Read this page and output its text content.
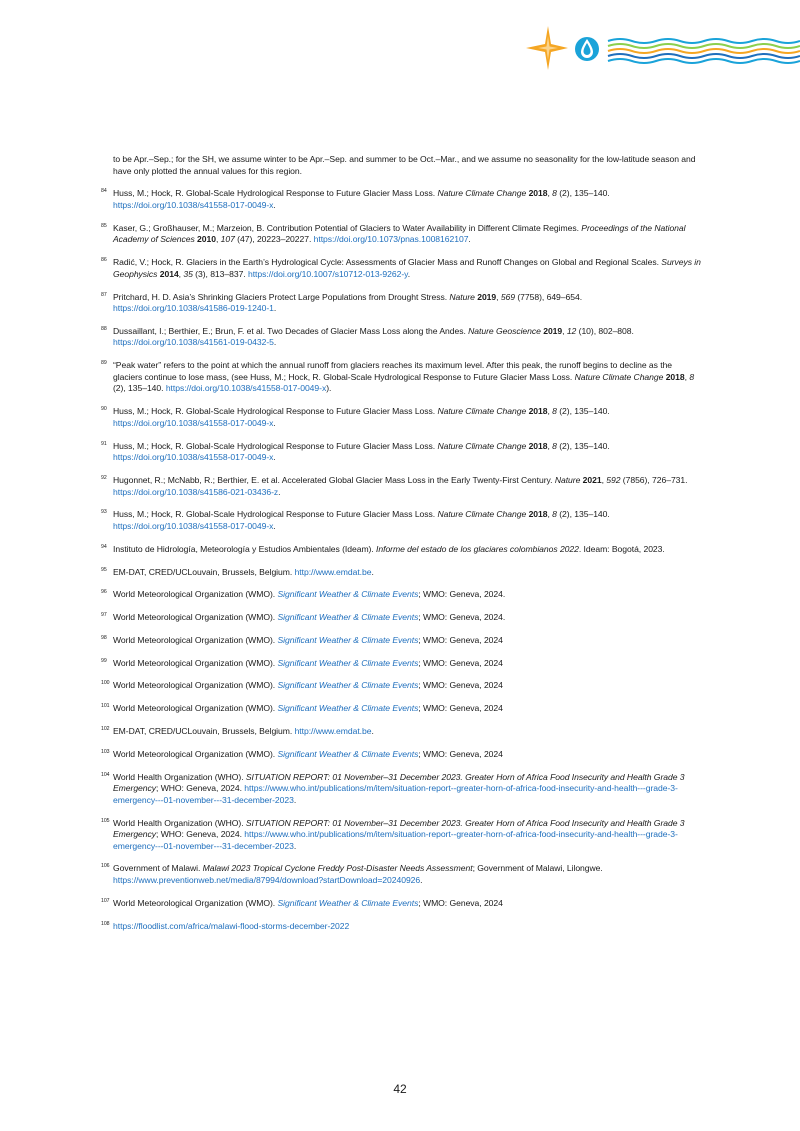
to be Apr.–Sep.; for the SH, we assume winter to be Apr.–Sep. and summer to be Oct.–Mar., and we assume no seasonality for the low-latitude season and have only plotted the annual values for this region.
84 Huss, M.; Hock, R. Global-Scale Hydrological Response to Future Glacier Mass Loss. Nature Climate Change 2018, 8 (2), 135–140. https://doi.org/10.1038/s41558-017-0049-x.
85 Kaser, G.; Großhauser, M.; Marzeion, B. Contribution Potential of Glaciers to Water Availability in Different Climate Regimes. Proceedings of the National Academy of Sciences 2010, 107 (47), 20223–20227. https://doi.org/10.1073/pnas.1008162107.
86 Radić, V.; Hock, R. Glaciers in the Earth’s Hydrological Cycle: Assessments of Glacier Mass and Runoff Changes on Global and Regional Scales. Surveys in Geophysics 2014, 35 (3), 813–837. https://doi.org/10.1007/s10712-013-9262-y.
87 Pritchard, H. D. Asia’s Shrinking Glaciers Protect Large Populations from Drought Stress. Nature 2019, 569 (7758), 649–654. https://doi.org/10.1038/s41586-019-1240-1.
88 Dussaillant, I.; Berthier, E.; Brun, F. et al. Two Decades of Glacier Mass Loss along the Andes. Nature Geoscience 2019, 12 (10), 802–808. https://doi.org/10.1038/s41561-019-0432-5.
89 “Peak water” refers to the point at which the annual runoff from glaciers reaches its maximum level. After this peak, the runoff begins to decline as the glaciers continue to lose mass, (see Huss, M.; Hock, R. Global-Scale Hydrological Response to Future Glacier Mass Loss. Nature Climate Change 2018, 8 (2), 135–140. https://doi.org/10.1038/s41558-017-0049-x).
90 Huss, M.; Hock, R. Global-Scale Hydrological Response to Future Glacier Mass Loss. Nature Climate Change 2018, 8 (2), 135–140. https://doi.org/10.1038/s41558-017-0049-x.
91 Huss, M.; Hock, R. Global-Scale Hydrological Response to Future Glacier Mass Loss. Nature Climate Change 2018, 8 (2), 135–140. https://doi.org/10.1038/s41558-017-0049-x.
92 Hugonnet, R.; McNabb, R.; Berthier, E. et al. Accelerated Global Glacier Mass Loss in the Early Twenty-First Century. Nature 2021, 592 (7856), 726–731. https://doi.org/10.1038/s41586-021-03436-z.
93 Huss, M.; Hock, R. Global-Scale Hydrological Response to Future Glacier Mass Loss. Nature Climate Change 2018, 8 (2), 135–140. https://doi.org/10.1038/s41558-017-0049-x.
94 Instituto de Hidrología, Meteorología y Estudios Ambientales (Ideam). Informe del estado de los glaciares colombianos 2022. Ideam: Bogotá, 2023.
95 EM-DAT, CRED/UCLouvain, Brussels, Belgium. http://www.emdat.be.
96 World Meteorological Organization (WMO). Significant Weather & Climate Events; WMO: Geneva, 2024.
97 World Meteorological Organization (WMO). Significant Weather & Climate Events; WMO: Geneva, 2024.
98 World Meteorological Organization (WMO). Significant Weather & Climate Events; WMO: Geneva, 2024
99 World Meteorological Organization (WMO). Significant Weather & Climate Events; WMO: Geneva, 2024
100 World Meteorological Organization (WMO). Significant Weather & Climate Events; WMO: Geneva, 2024
101 World Meteorological Organization (WMO). Significant Weather & Climate Events; WMO: Geneva, 2024
102 EM-DAT, CRED/UCLouvain, Brussels, Belgium. http://www.emdat.be.
103 World Meteorological Organization (WMO). Significant Weather & Climate Events; WMO: Geneva, 2024
104 World Health Organization (WHO). SITUATION REPORT: 01 November–31 December 2023. Greater Horn of Africa Food Insecurity and Health Grade 3 Emergency; WHO: Geneva, 2024. https://www.who.int/publications/m/item/situation-report--greater-horn-of-africa-food-insecurity-and-health---grade-3-emergency---01-november---31-december-2023.
105 World Health Organization (WHO). SITUATION REPORT: 01 November–31 December 2023. Greater Horn of Africa Food Insecurity and Health Grade 3 Emergency; WHO: Geneva, 2024. https://www.who.int/publications/m/item/situation-report--greater-horn-of-africa-food-insecurity-and-health---grade-3-emergency---01-november---31-december-2023.
106 Government of Malawi. Malawi 2023 Tropical Cyclone Freddy Post-Disaster Needs Assessment; Government of Malawi, Lilongwe. https://www.preventionweb.net/media/87994/download?startDownload=20240926.
107 World Meteorological Organization (WMO). Significant Weather & Climate Events; WMO: Geneva, 2024
108 https://floodlist.com/africa/malawi-flood-storms-december-2022
42
